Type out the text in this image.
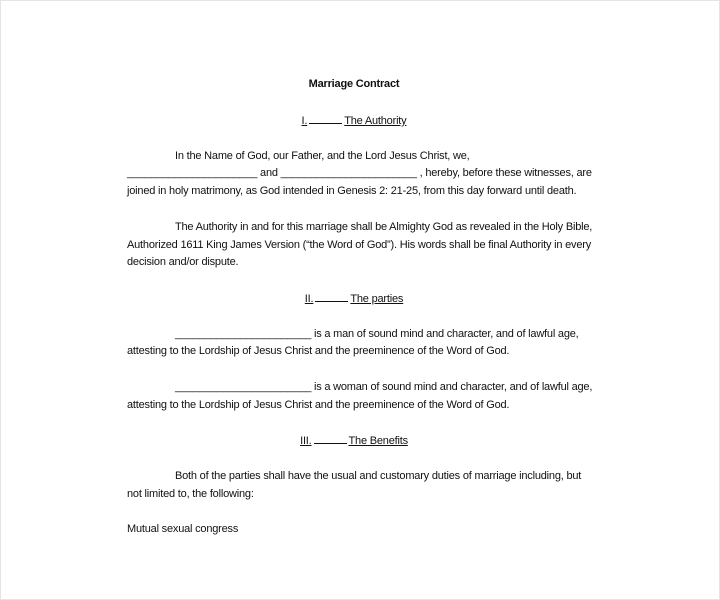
Marriage Contract
I.	The Authority
In the Name of God, our Father, and the Lord Jesus Christ, we,
______________________ and _______________________ , hereby, before these witnesses, are
joined in holy matrimony, as God intended in Genesis 2: 21-25, from this day forward until death.
The Authority in and for this marriage shall be Almighty God as revealed in the Holy Bible,
Authorized 1611 King James Version (“the Word of God”). His words shall be final Authority in every
decision and/or dispute.
II.	The parties
_______________________ is a man of sound mind and character, and of lawful age,
attesting to the Lordship of Jesus Christ and the preeminence of the Word of God.
_______________________ is a woman of sound mind and character, and of lawful age,
attesting to the Lordship of Jesus Christ and the preeminence of the Word of God.
III.	The Benefits
Both of the parties shall have the usual and customary duties of marriage including, but
not limited to, the following:
Mutual sexual congress
